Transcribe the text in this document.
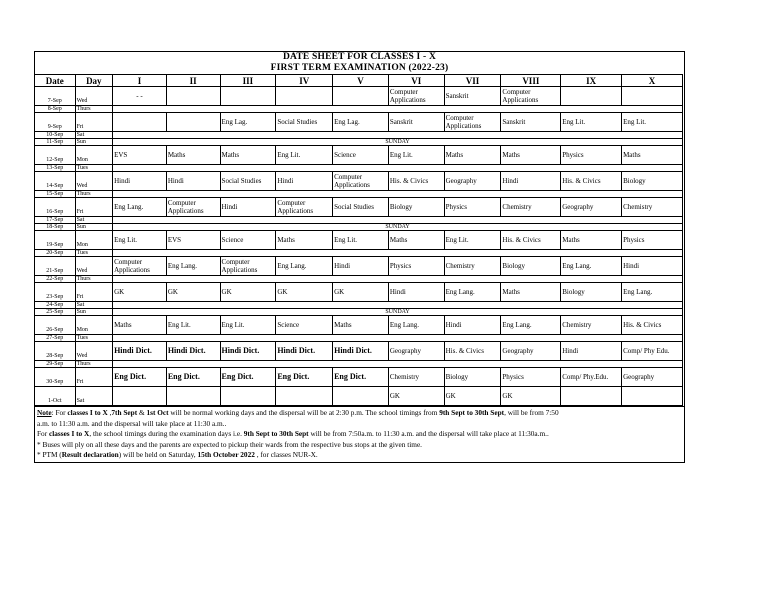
DATE SHEET FOR CLASSES I - X
FIRST TERM EXAMINATION (2022-23)
Date	Day	I	II	III	IV	V	VI	VII	VIII	IX	X
7-Sep	Wed	- -					Computer Applications	Sanskrit	Computer Applications		
8-Sep	Thurs										
9-Sep	Fri			Eng Lag.	Social Studies	Eng Lag.	Sanskrit	Computer Applications	Sanskrit	Eng Lit.	Eng Lit.
10-Sep	Sat										
11-Sep	Sun	SUNDAY									
12-Sep	Mon	EVS	Maths	Maths	Eng Lit.	Science	Eng Lit.	Maths	Maths	Physics	Maths
13-Sep	Tues										
14-Sep	Wed	Hindi	Hindi	Social Studies	Hindi	Computer Applications	His. & Civics	Geography	Hindi	His. & Civics	Biology
15-Sep	Thurs										
16-Sep	Fri	Eng Lang.	Computer Applications	Hindi	Computer Applications	Social Studies	Biology	Physics	Chemistry	Geography	Chemistry
17-Sep	Sat										
18-Sep	Sun	SUNDAY									
19-Sep	Mon	Eng Lit.	EVS	Science	Maths	Eng Lit.	Maths	Eng Lit.	His. & Civics	Maths	Physics
20-Sep	Tues										
21-Sep	Wed	Computer Applications	Eng Lang.	Computer Applications	Eng Lang.	Hindi	Physics	Chemistry	Biology	Eng Lang.	Hindi
22-Sep	Thurs										
23-Sep	Fri	GK	GK	GK	GK	GK	Hindi	Eng Lang.	Maths	Biology	Eng Lang.
24-Sep	Sat										
25-Sep	Sun	SUNDAY									
26-Sep	Mon	Maths	Eng Lit.	Eng Lit.	Science	Maths	Eng Lang.	Hindi	Eng Lang.	Chemistry	His. & Civics
27-Sep	Tues										
28-Sep	Wed	Hindi Dict.	Hindi Dict.	Hindi Dict.	Hindi Dict.	Hindi Dict.	Geography	His. & Civics	Geography	Hindi	Comp/ Phy Edu.
29-Sep	Thurs										
30-Sep	Fri	Eng Dict.	Eng Dict.	Eng Dict.	Eng Dict.	Eng Dict.	Chemistry	Biology	Physics	Comp/ Phy.Edu.	Geography
1-Oct	Sat						GK	GK	GK		
Note: For classes I to X ,7th Sept & 1st Oct will be normal working days and the dispersal will be at 2:30 p.m. The school timings from 9th Sept to 30th Sept, will be from 7:50
a.m. to 11:30 a.m. and the dispersal will take place at 11:30 a.m..
For classes I to X, the school timings during the examination days i.e. 9th Sept to 30th Sept will be from 7:50a.m. to 11:30 a.m. and the dispersal will take place at 11:30a.m..
* Buses will ply on all these days and the parents are expected to pickup their wards from the respective bus stops at the given time.
* PTM (Result declaration) will be held on Saturday, 15th October 2022 , for classes NUR-X.
